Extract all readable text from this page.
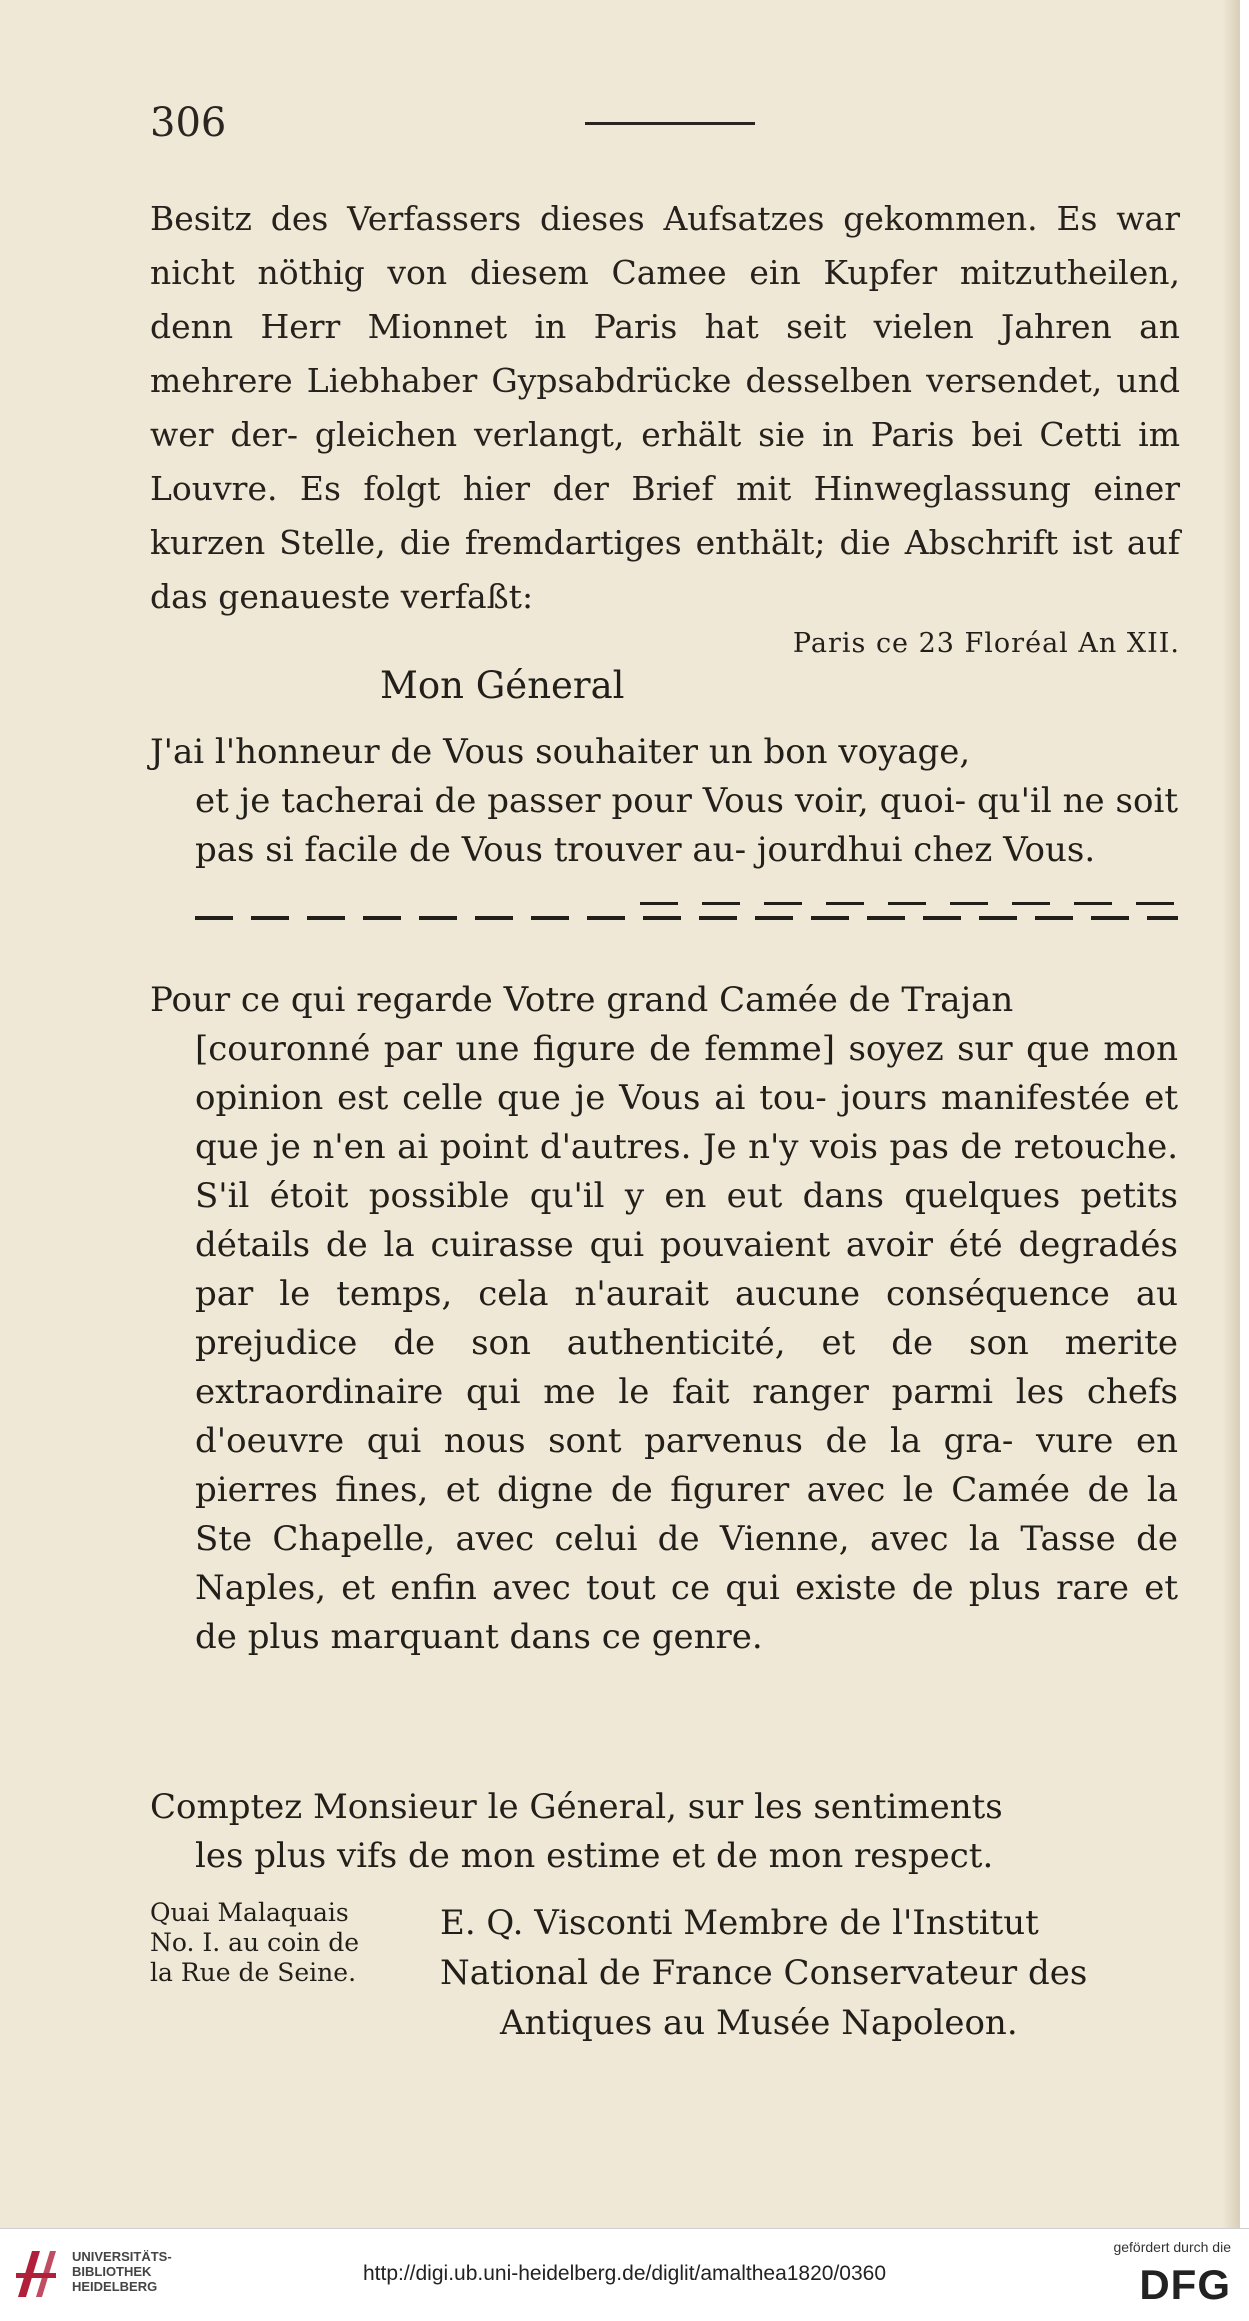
306

Besitz des Verfassers dieses Aufsatzes gekommen. Es war nicht nöthig von diesem Camee ein Kupfer mitzutheilen, denn Herr Mionnet in Paris hat seit vielen Jahren an mehrere Liebhaber Gypsabdrücke desselben versendet, und wer der- gleichen verlangt, erhält sie in Paris bei Cetti im Louvre. Es folgt hier der Brief mit Hinweglassung einer kurzen Stelle, die fremdartiges enthält; die Abschrift ist auf das genaueste verfaßt:

Paris ce 23 Floréal An XII.
Mon Géneral
J'ai l'honneur de Vous souhaiter un bon voyage,
et je tacherai de passer pour Vous voir, quoi- qu'il ne soit pas si facile de Vous trouver au- jourdhui chez Vous.
Pour ce qui regarde Votre grand Camée de Trajan
[couronné par une figure de femme] soyez sur que mon opinion est celle que je Vous ai tou- jours manifestée et que je n'en ai point d'autres. Je n'y vois pas de retouche. S'il étoit possible qu'il y en eut dans quelques petits détails de la cuirasse qui pouvaient avoir été degradés par le temps, cela n'aurait aucune conséquence au prejudice de son authenticité, et de son merite extraordinaire qui me le fait ranger parmi les chefs d'oeuvre qui nous sont parvenus de la gra- vure en pierres fines, et digne de figurer avec le Camée de la Ste Chapelle, avec celui de Vienne, avec la Tasse de Naples, et enfin avec tout ce qui existe de plus rare et de plus marquant dans ce genre.
Comptez Monsieur le Géneral, sur les sentiments
les plus vifs de mon estime et de mon respect.
Quai Malaquais
No. I. au coin de
la Rue de Seine.
E. Q. Visconti Membre de l'Institut
National de France Conservateur des
Antiques au Musée Napoleon.
UNIVERSITÄTS-
BIBLIOTHEK
HEIDELBERG
http://digi.ub.uni-heidelberg.de/diglit/amalthea1820/0360
gefördert durch die
DFG
